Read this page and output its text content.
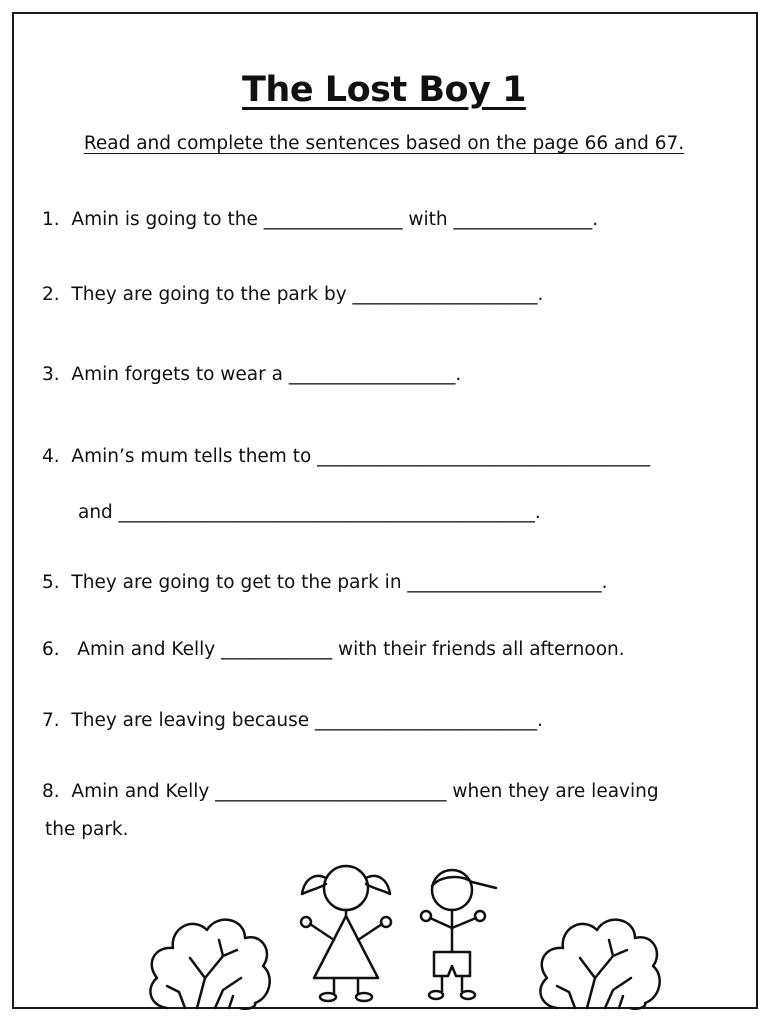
The Lost Boy 1
Read and complete the sentences based on the page 66 and 67.
1.  Amin is going to the _______________ with _______________.
2.  They are going to the park by ____________________.
3.  Amin forgets to wear a __________________.
4.  Amin’s mum tells them to ____________________________________
and _____________________________________________.
5.  They are going to get to the park in _____________________.
6.   Amin and Kelly ____________ with their friends all afternoon.
7.  They are leaving because ________________________.
8.  Amin and Kelly _________________________ when they are leaving
the park.
